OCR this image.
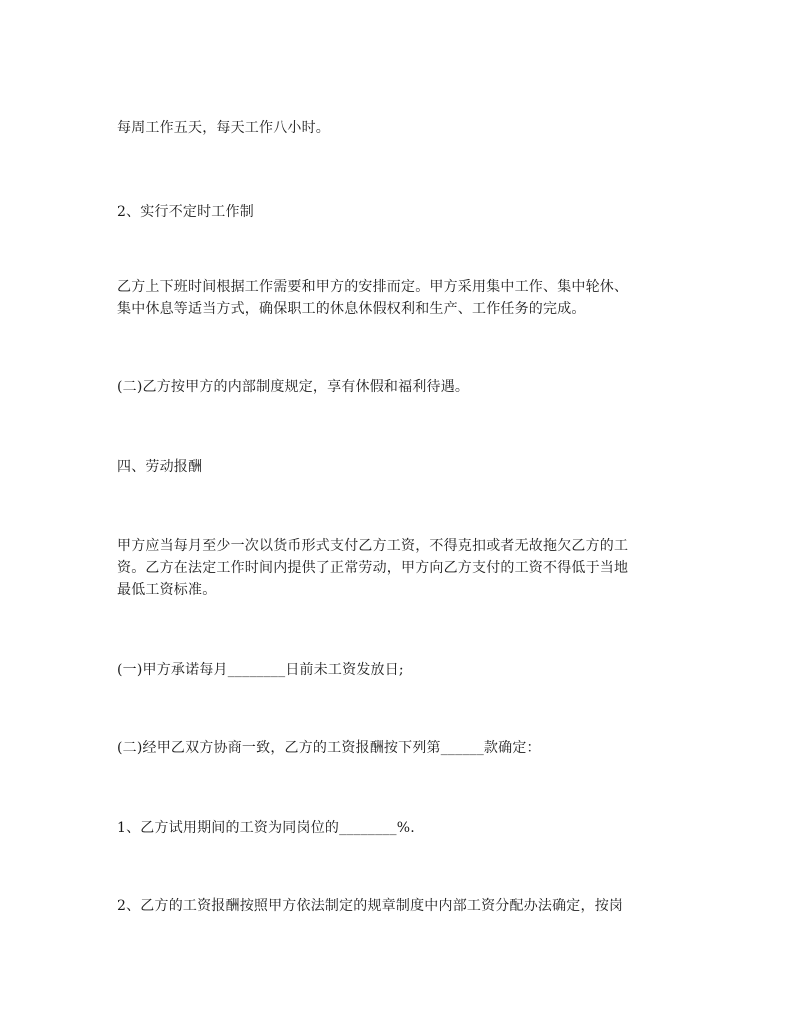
每周工作五天，每天工作八小时。

2、实行不定时工作制

乙方上下班时间根据工作需要和甲方的安排而定。甲方采用集中工作、集中轮休、
集中休息等适当方式，确保职工的休息休假权利和生产、工作任务的完成。

(二)乙方按甲方的内部制度规定，享有休假和福利待遇。

四、劳动报酬

甲方应当每月至少一次以货币形式支付乙方工资，不得克扣或者无故拖欠乙方的工
资。乙方在法定工作时间内提供了正常劳动，甲方向乙方支付的工资不得低于当地
最低工资标准。

(一)甲方承诺每月________日前未工资发放日;

(二)经甲乙双方协商一致，乙方的工资报酬按下列第______款确定：

1、乙方试用期间的工资为同岗位的________%.

2、乙方的工资报酬按照甲方依法制定的规章制度中内部工资分配办法确定，按岗
